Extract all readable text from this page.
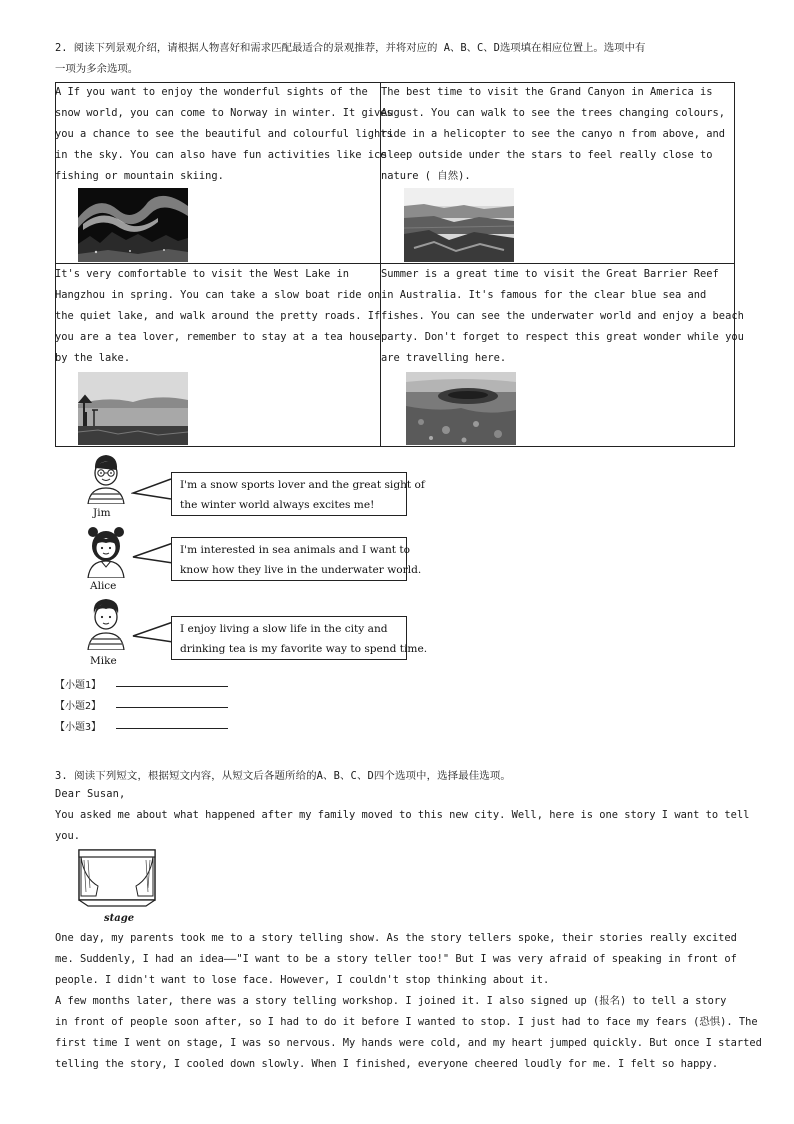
2. 阅读下列景观介绍，请根据人物喜好和需求匹配最适合的景观推荐，并将对应的 A、B、C、D选项填在相应位置上。选项中有
一项为多余选项。
A If you want to enjoy the wonderful sights of the
snow world, you can come to Norway in winter. It gives
you a chance to see the beautiful and colourful lights
in the sky. You can also have fun activities like ice
fishing or mountain skiing.
The best time to visit the Grand Canyon in America is
August. You can walk to see the trees changing colours,
ride in a helicopter to see the canyo n from above, and
sleep outside under the stars to feel really close to
nature ( 自然).
It's very comfortable to visit the West Lake in
Hangzhou in spring. You can take a slow boat ride on
the quiet lake, and walk around the pretty roads. If
you are a tea lover, remember to stay at a tea house
by the lake.
Summer is a great time to visit the Great Barrier Reef
in Australia. It's famous for the clear blue sea and
fishes. You can see the underwater world and enjoy a beach
party. Don't forget to respect this great wonder while you
are travelling here.
Jim
I'm a snow sports lover and the great sight of
the winter world always excites me!
Alice
I'm interested in sea animals and I want to
know how they live in the underwater world.
Mike
I enjoy living a slow life in the city and
drinking tea is my favorite way to spend time.
【小题1】
【小题2】
【小题3】
3. 阅读下列短文，根据短文内容，从短文后各题所给的A、B、C、D四个选项中，选择最佳选项。
Dear Susan,
You asked me about what happened after my family moved to this new city. Well, here is one story I want to tell
you.
stage
One day, my parents took me to a story telling show. As the story tellers spoke, their stories really excited
me. Suddenly, I had an idea——"I want to be a story teller too!" But I was very afraid of speaking in front of
people. I didn't want to lose face. However, I couldn't stop thinking about it.
A few months later, there was a story telling workshop. I joined it. I also signed up (报名) to tell a story
in front of people soon after, so I had to do it before I wanted to stop. I just had to face my fears (恐惧). The
first time I went on stage, I was so nervous. My hands were cold, and my heart jumped quickly. But once I started
telling the story, I cooled down slowly. When I finished, everyone cheered loudly for me. I felt so happy.
